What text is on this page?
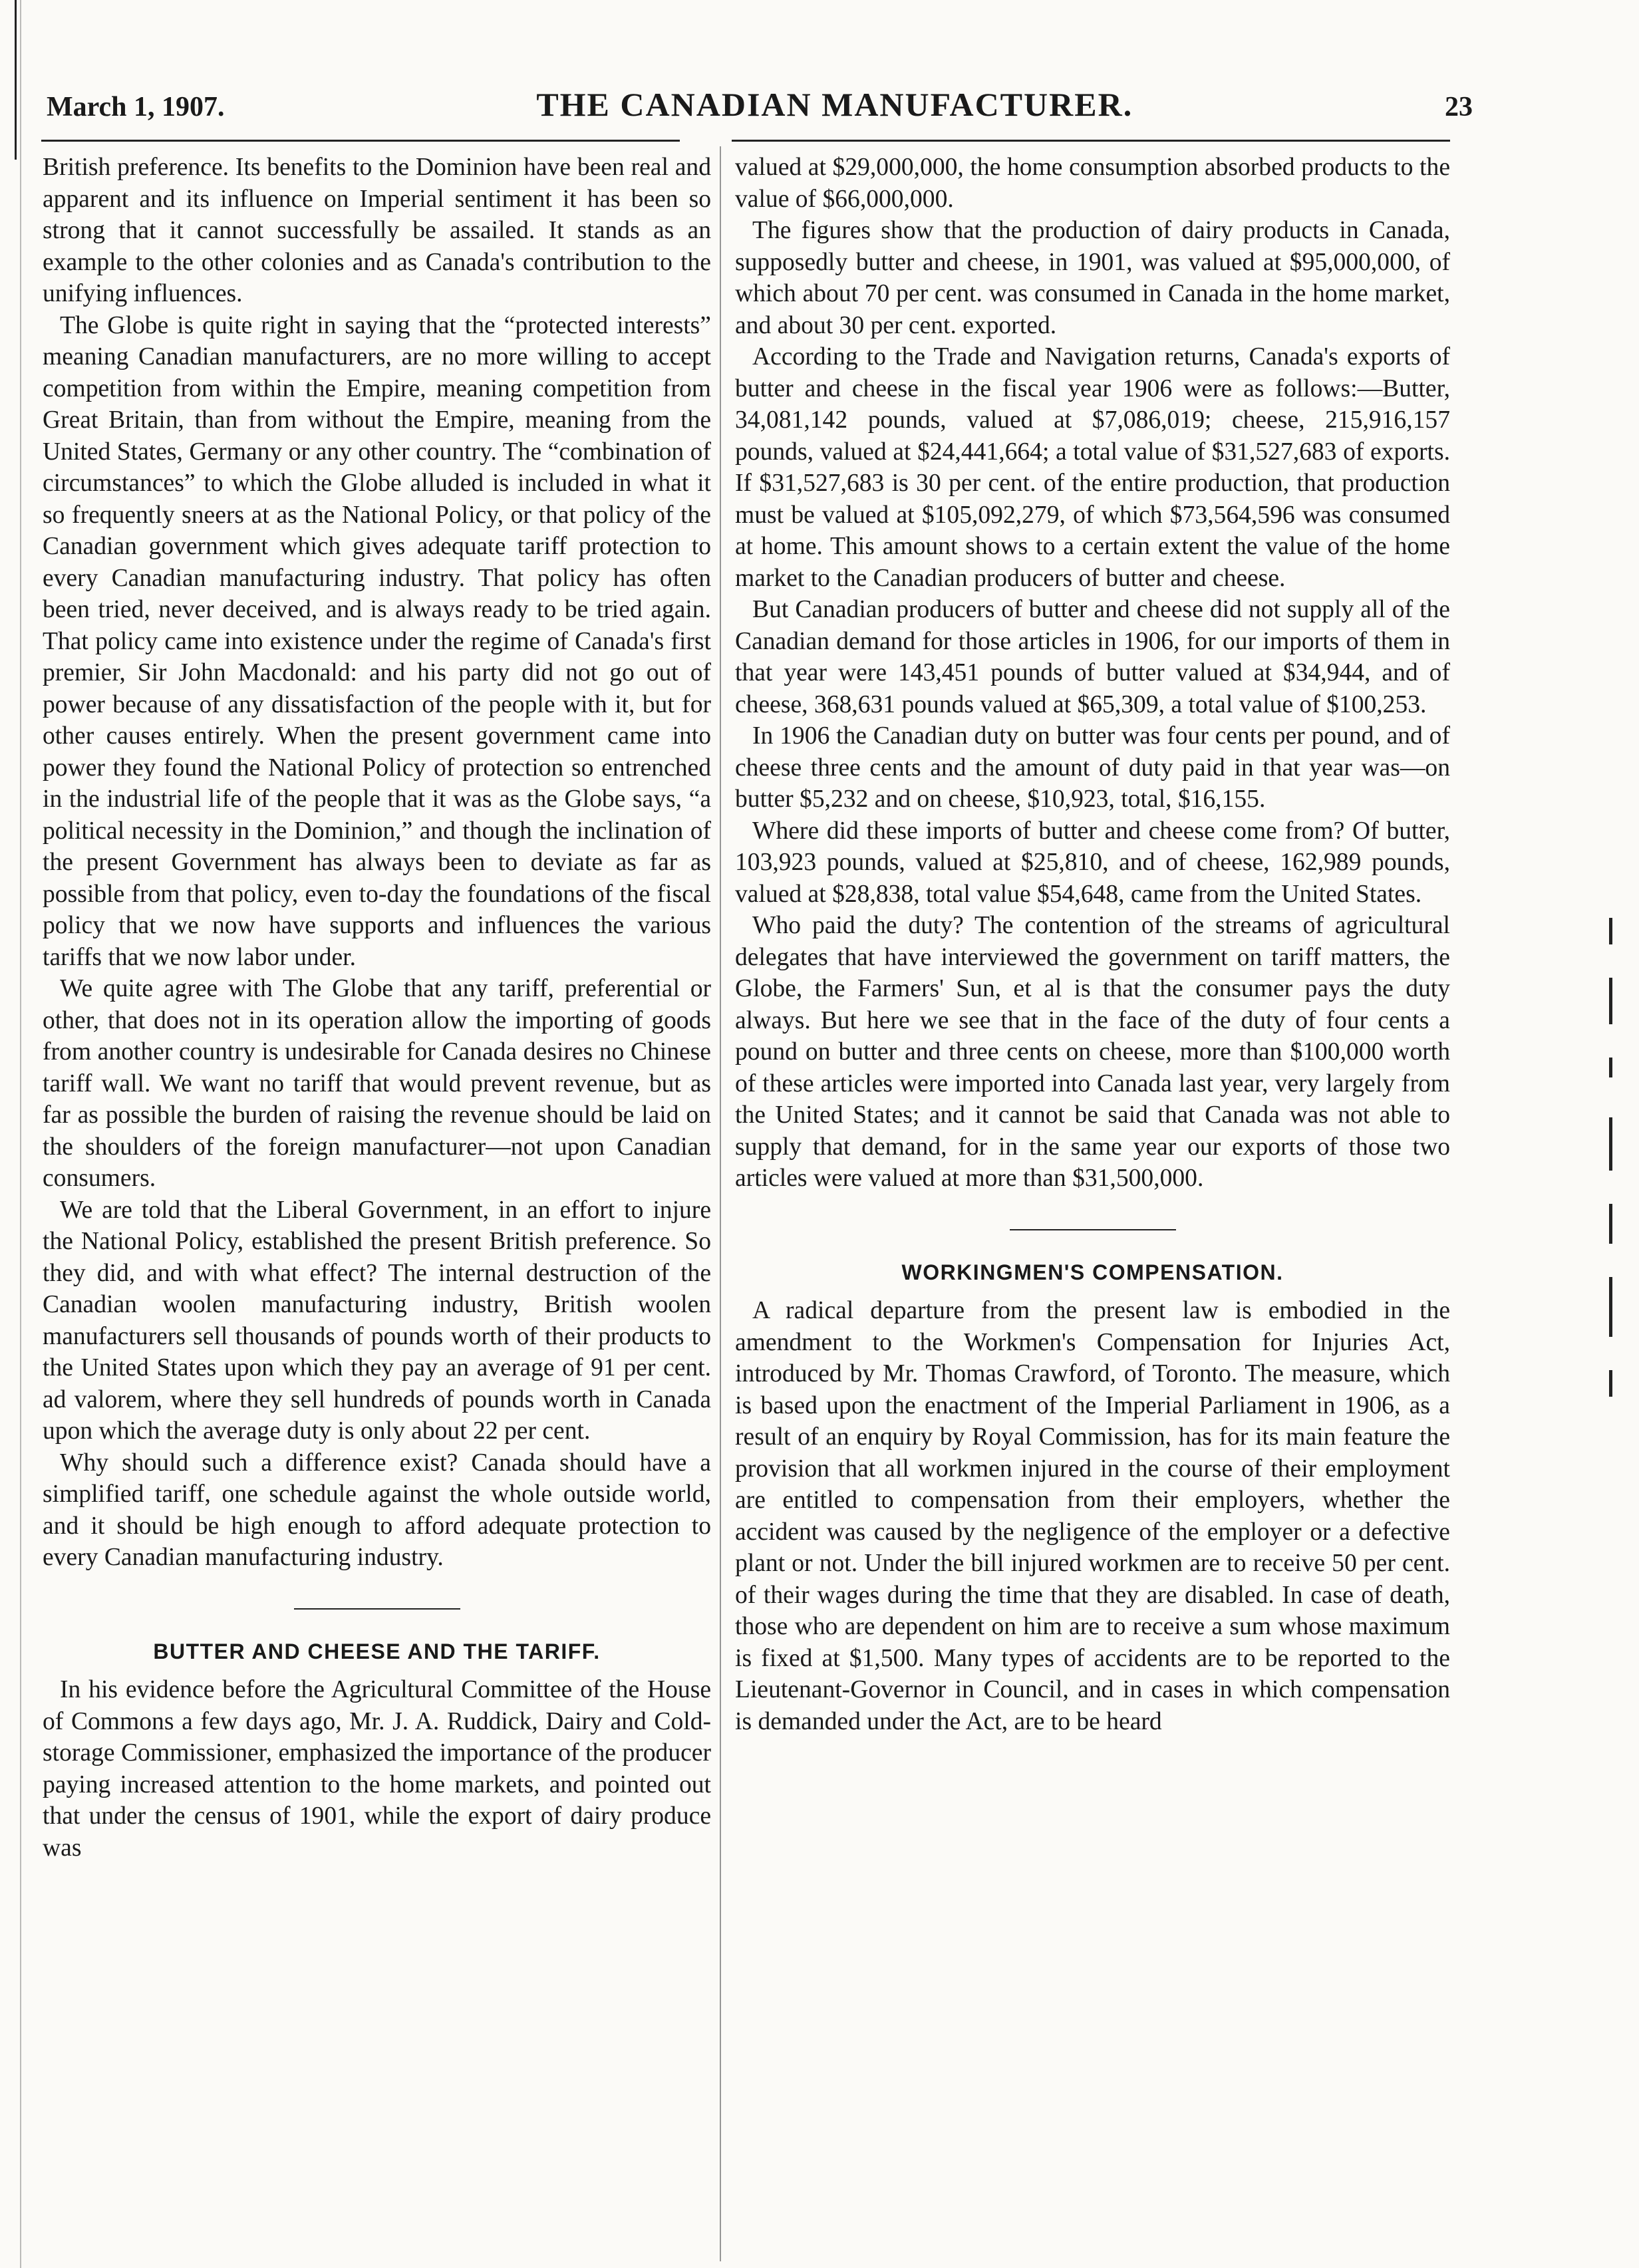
March 1, 1907.	THE CANADIAN MANUFACTURER.	23

British preference. Its benefits to the Dominion have been real and apparent and its influence on Imperial sentiment it has been so strong that it cannot successfully be assailed. It stands as an example to the other colonies and as Canada's contribution to the unifying influences.

The Globe is quite right in saying that the “protected interests” meaning Canadian manufacturers, are no more willing to accept competition from within the Empire, meaning competition from Great Britain, than from without the Empire, meaning from the United States, Germany or any other country. The “combination of circumstances” to which the Globe alluded is included in what it so frequently sneers at as the National Policy, or that policy of the Canadian government which gives adequate tariff protection to every Canadian manufacturing industry. That policy has often been tried, never deceived, and is always ready to be tried again. That policy came into existence under the regime of Canada's first premier, Sir John Macdonald: and his party did not go out of power because of any dissatisfaction of the people with it, but for other causes entirely. When the present government came into power they found the National Policy of protection so entrenched in the industrial life of the people that it was as the Globe says, “a political necessity in the Dominion,” and though the inclination of the present Government has always been to deviate as far as possible from that policy, even to-day the foundations of the fiscal policy that we now have supports and influences the various tariffs that we now labor under.

We quite agree with The Globe that any tariff, preferential or other, that does not in its operation allow the importing of goods from another country is undesirable for Canada desires no Chinese tariff wall. We want no tariff that would prevent revenue, but as far as possible the burden of raising the revenue should be laid on the shoulders of the foreign manufacturer—not upon Canadian consumers.

We are told that the Liberal Government, in an effort to injure the National Policy, established the present British preference. So they did, and with what effect? The internal destruction of the Canadian woolen manufacturing industry, British woolen manufacturers sell thousands of pounds worth of their products to the United States upon which they pay an average of 91 per cent. ad valorem, where they sell hundreds of pounds worth in Canada upon which the average duty is only about 22 per cent.

Why should such a difference exist? Canada should have a simplified tariff, one schedule against the whole outside world, and it should be high enough to afford adequate protection to every Canadian manufacturing industry.

BUTTER AND CHEESE AND THE TARIFF.

In his evidence before the Agricultural Committee of the House of Commons a few days ago, Mr. J. A. Ruddick, Dairy and Cold-storage Commissioner, emphasized the importance of the producer paying increased attention to the home markets, and pointed out that under the census of 1901, while the export of dairy produce was

valued at $29,000,000, the home consumption absorbed products to the value of $66,000,000.

The figures show that the production of dairy products in Canada, supposedly butter and cheese, in 1901, was valued at $95,000,000, of which about 70 per cent. was consumed in Canada in the home market, and about 30 per cent. exported.

According to the Trade and Navigation returns, Canada's exports of butter and cheese in the fiscal year 1906 were as follows:—Butter, 34,081,142 pounds, valued at $7,086,019; cheese, 215,916,157 pounds, valued at $24,441,664; a total value of $31,527,683 of exports. If $31,527,683 is 30 per cent. of the entire production, that production must be valued at $105,092,279, of which $73,564,596 was consumed at home. This amount shows to a certain extent the value of the home market to the Canadian producers of butter and cheese.

But Canadian producers of butter and cheese did not supply all of the Canadian demand for those articles in 1906, for our imports of them in that year were 143,451 pounds of butter valued at $34,944, and of cheese, 368,631 pounds valued at $65,309, a total value of $100,253.

In 1906 the Canadian duty on butter was four cents per pound, and of cheese three cents and the amount of duty paid in that year was—on butter $5,232 and on cheese, $10,923, total, $16,155.

Where did these imports of butter and cheese come from? Of butter, 103,923 pounds, valued at $25,810, and of cheese, 162,989 pounds, valued at $28,838, total value $54,648, came from the United States.

Who paid the duty? The contention of the streams of agricultural delegates that have interviewed the government on tariff matters, the Globe, the Farmers' Sun, et al is that the consumer pays the duty always. But here we see that in the face of the duty of four cents a pound on butter and three cents on cheese, more than $100,000 worth of these articles were imported into Canada last year, very largely from the United States; and it cannot be said that Canada was not able to supply that demand, for in the same year our exports of those two articles were valued at more than $31,500,000.

WORKINGMEN'S COMPENSATION.

A radical departure from the present law is embodied in the amendment to the Workmen's Compensation for Injuries Act, introduced by Mr. Thomas Crawford, of Toronto. The measure, which is based upon the enactment of the Imperial Parliament in 1906, as a result of an enquiry by Royal Commission, has for its main feature the provision that all workmen injured in the course of their employment are entitled to compensation from their employers, whether the accident was caused by the negligence of the employer or a defective plant or not. Under the bill injured workmen are to receive 50 per cent. of their wages during the time that they are disabled. In case of death, those who are dependent on him are to receive a sum whose maximum is fixed at $1,500. Many types of accidents are to be reported to the Lieutenant-Governor in Council, and in cases in which compensation is demanded under the Act, are to be heard
